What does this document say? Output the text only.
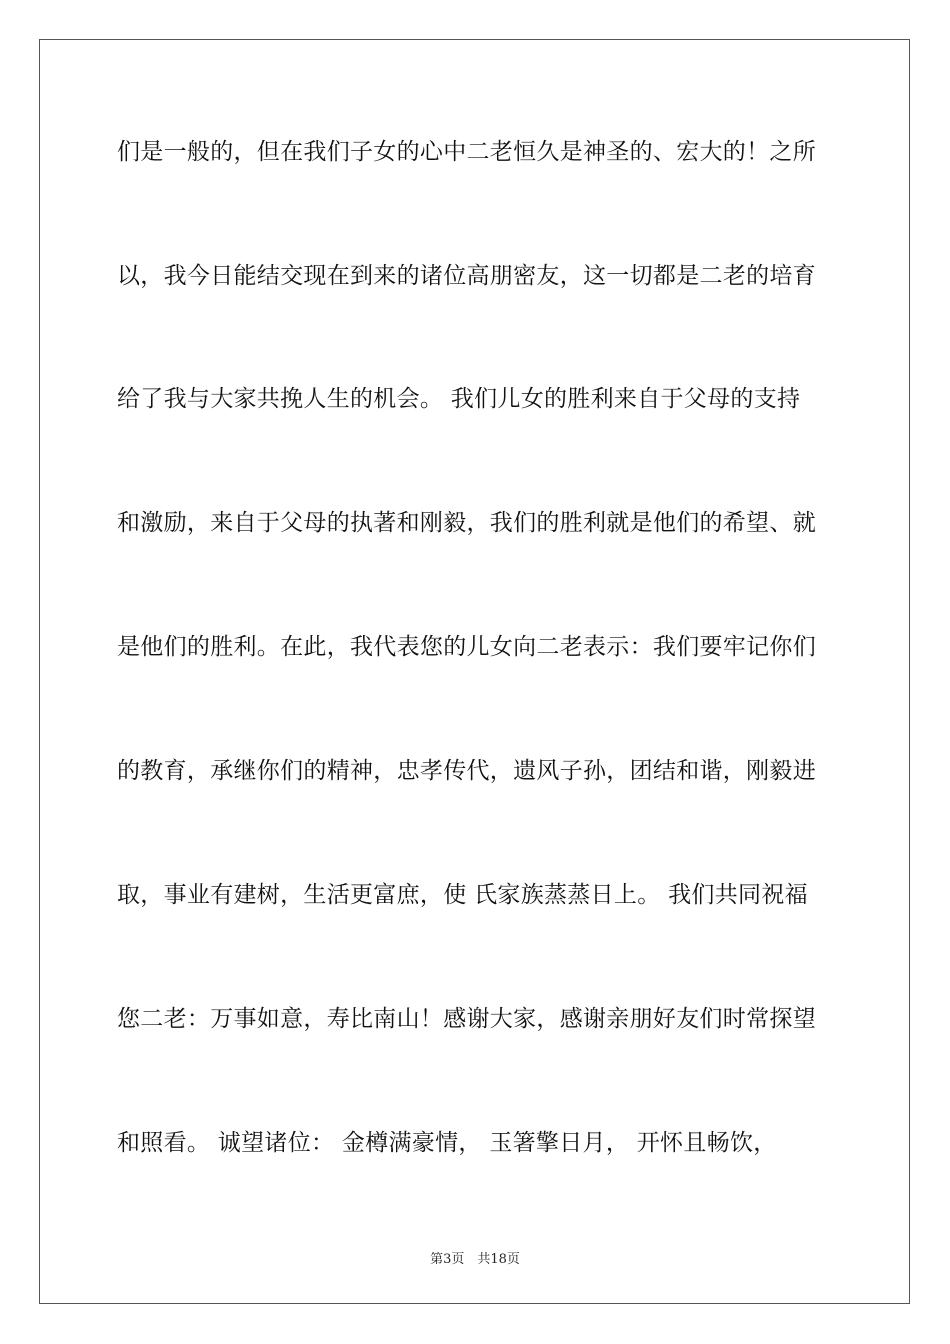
们是一般的，但在我们子女的心中二老恒久是神圣的、宏大的！之所

以，我今日能结交现在到来的诸位高朋密友，这一切都是二老的培育

给了我与大家共挽人生的机会。 我们儿女的胜利来自于父母的支持

和激励，来自于父母的执著和刚毅，我们的胜利就是他们的希望、就

是他们的胜利。在此，我代表您的儿女向二老表示：我们要牢记你们

的教育，承继你们的精神，忠孝传代，遗风子孙，团结和谐，刚毅进

取，事业有建树，生活更富庶，使 氏家族蒸蒸日上。 我们共同祝福

您二老：万事如意，寿比南山！感谢大家，感谢亲朋好友们时常探望

和照看。 诚望诸位： 金樽满豪情， 玉箸擎日月， 开怀且畅饮，

第3页　共18页
